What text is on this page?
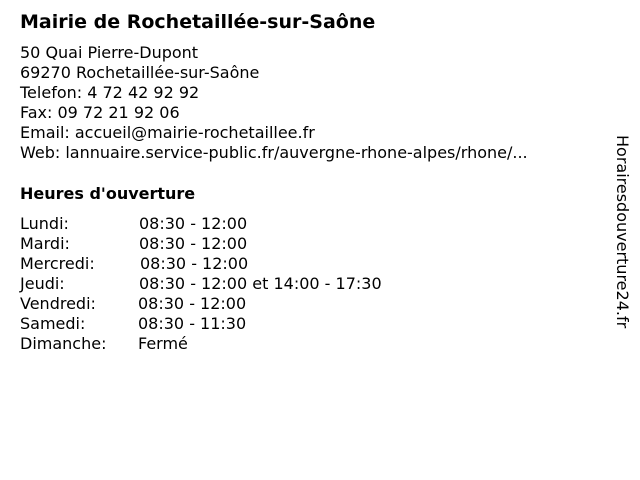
Mairie de Rochetaillée-sur-Saône
50 Quai Pierre-Dupont
69270 Rochetaillée-sur-Saône
Telefon: 4 72 42 92 92
Fax: 09 72 21 92 06
Email: accueil@mairie-rochetaillee.fr
Web: lannuaire.service-public.fr/auvergne-rhone-alpes/rhone/...
Heures d'ouverture
Lundi:	08:30 - 12:00
Mardi:	08:30 - 12:00
Mercredi:	08:30 - 12:00
Jeudi:	08:30 - 12:00 et 14:00 - 17:30
Vendredi:	08:30 - 12:00
Samedi:	08:30 - 11:30
Dimanche: Fermé
Horairesdouverture24.fr
